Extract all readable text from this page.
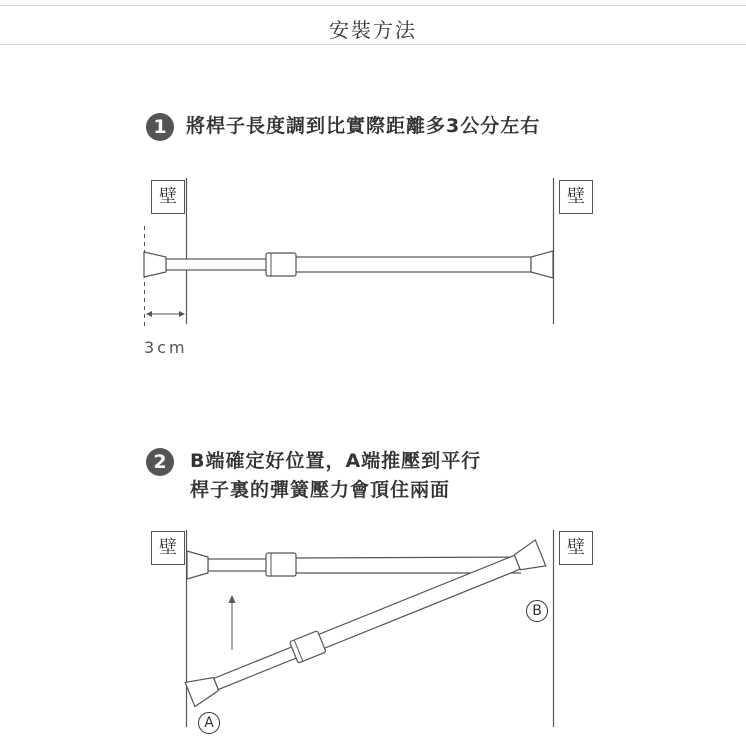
安裝方法
1	將桿子長度調到比實際距離多3公分左右
壁	壁
3cm
2	B端確定好位置，A端推壓到平行
桿子裏的彈簧壓力會頂住兩面
壁	壁
B
A
